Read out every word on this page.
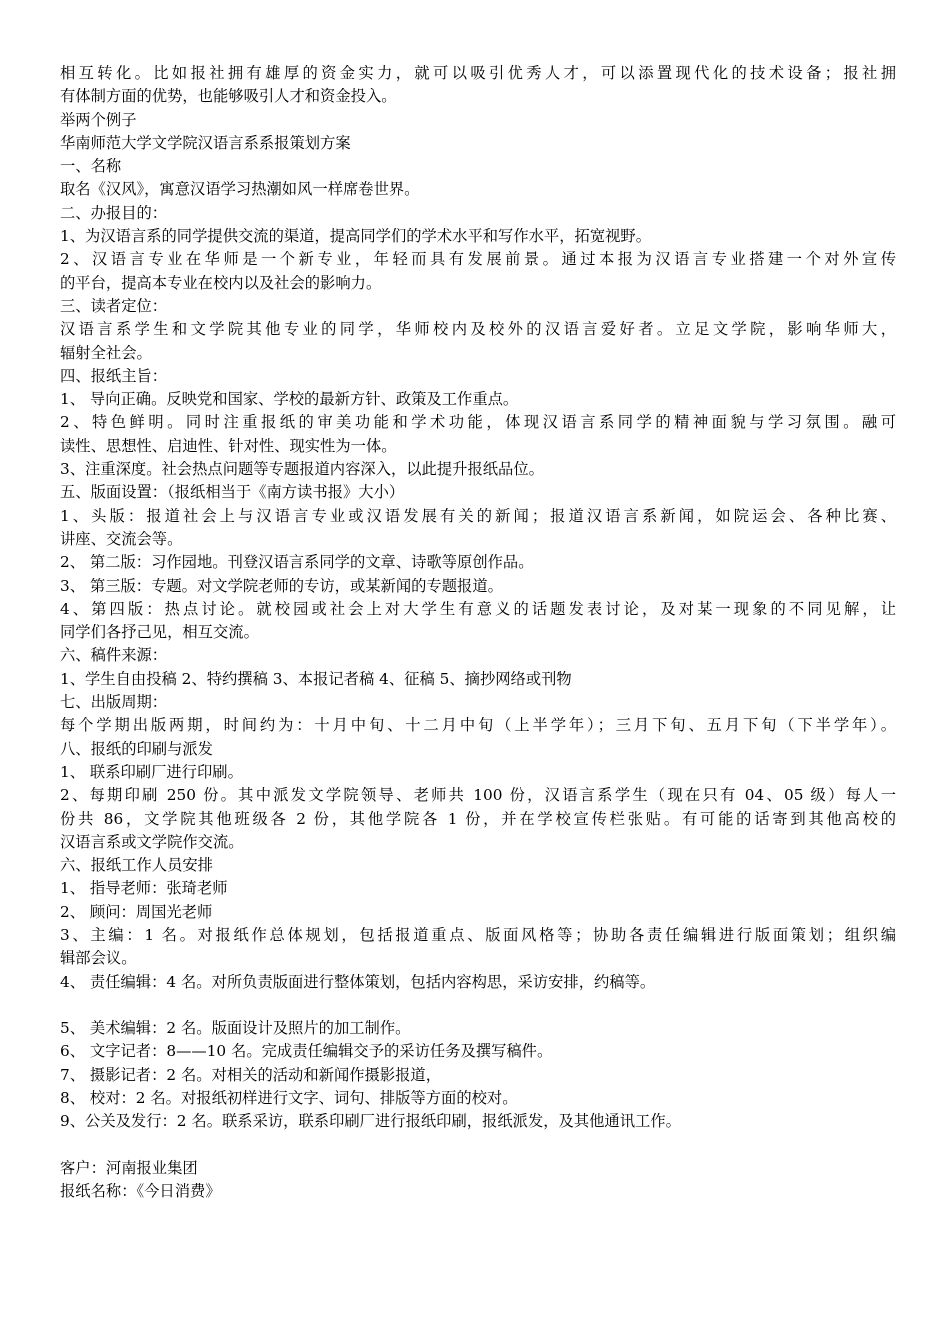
相互转化。比如报社拥有雄厚的资金实力，就可以吸引优秀人才，可以添置现代化的技术设备；报社拥
有体制方面的优势，也能够吸引人才和资金投入。
举两个例子
华南师范大学文学院汉语言系系报策划方案
一、名称
取名《汉风》，寓意汉语学习热潮如风一样席卷世界。
二、办报目的：
1、为汉语言系的同学提供交流的渠道，提高同学们的学术水平和写作水平，拓宽视野。
2、汉语言专业在华师是一个新专业，年轻而具有发展前景。通过本报为汉语言专业搭建一个对外宣传
的平台，提高本专业在校内以及社会的影响力。
三、读者定位：
汉语言系学生和文学院其他专业的同学，华师校内及校外的汉语言爱好者。立足文学院，影响华师大，
辐射全社会。
四、报纸主旨：
1、 导向正确。反映党和国家、学校的最新方针、政策及工作重点。
2、特色鲜明。同时注重报纸的审美功能和学术功能，体现汉语言系同学的精神面貌与学习氛围。融可
读性、思想性、启迪性、针对性、现实性为一体。
3、注重深度。社会热点问题等专题报道内容深入，以此提升报纸品位。
五、版面设置：（报纸相当于《南方读书报》大小）
1、头版：报道社会上与汉语言专业或汉语发展有关的新闻；报道汉语言系新闻，如院运会、各种比赛、
讲座、交流会等。
2、 第二版：习作园地。刊登汉语言系同学的文章、诗歌等原创作品。
3、 第三版：专题。对文学院老师的专访，或某新闻的专题报道。
4、第四版：热点讨论。就校园或社会上对大学生有意义的话题发表讨论，及对某一现象的不同见解，让
同学们各抒己见，相互交流。
六、稿件来源：
1、学生自由投稿 2、特约撰稿 3、本报记者稿 4、征稿 5、摘抄网络或刊物
七、出版周期：
每个学期出版两期，时间约为：十月中旬、十二月中旬（上半学年）；三月下旬、五月下旬（下半学年）。
八、报纸的印刷与派发
1、 联系印刷厂进行印刷。
2、每期印刷 250 份。其中派发文学院领导、老师共 100 份，汉语言系学生（现在只有 04、05 级）每人一
份共 86，文学院其他班级各 2 份，其他学院各 1 份，并在学校宣传栏张贴。有可能的话寄到其他高校的
汉语言系或文学院作交流。
六、报纸工作人员安排
1、 指导老师：张琦老师
2、 顾问：周国光老师
3、主编：1 名。对报纸作总体规划，包括报道重点、版面风格等；协助各责任编辑进行版面策划；组织编
辑部会议。
4、 责任编辑：4 名。对所负责版面进行整体策划，包括内容构思，采访安排，约稿等。
5、 美术编辑：2 名。版面设计及照片的加工制作。
6、 文字记者：8——10 名。完成责任编辑交予的采访任务及撰写稿件。
7、 摄影记者：2 名。对相关的活动和新闻作摄影报道，
8、 校对：2 名。对报纸初样进行文字、词句、排版等方面的校对。
9、公关及发行：2 名。联系采访，联系印刷厂进行报纸印刷，报纸派发，及其他通讯工作。
客户：河南报业集团
报纸名称：《今日消费》
